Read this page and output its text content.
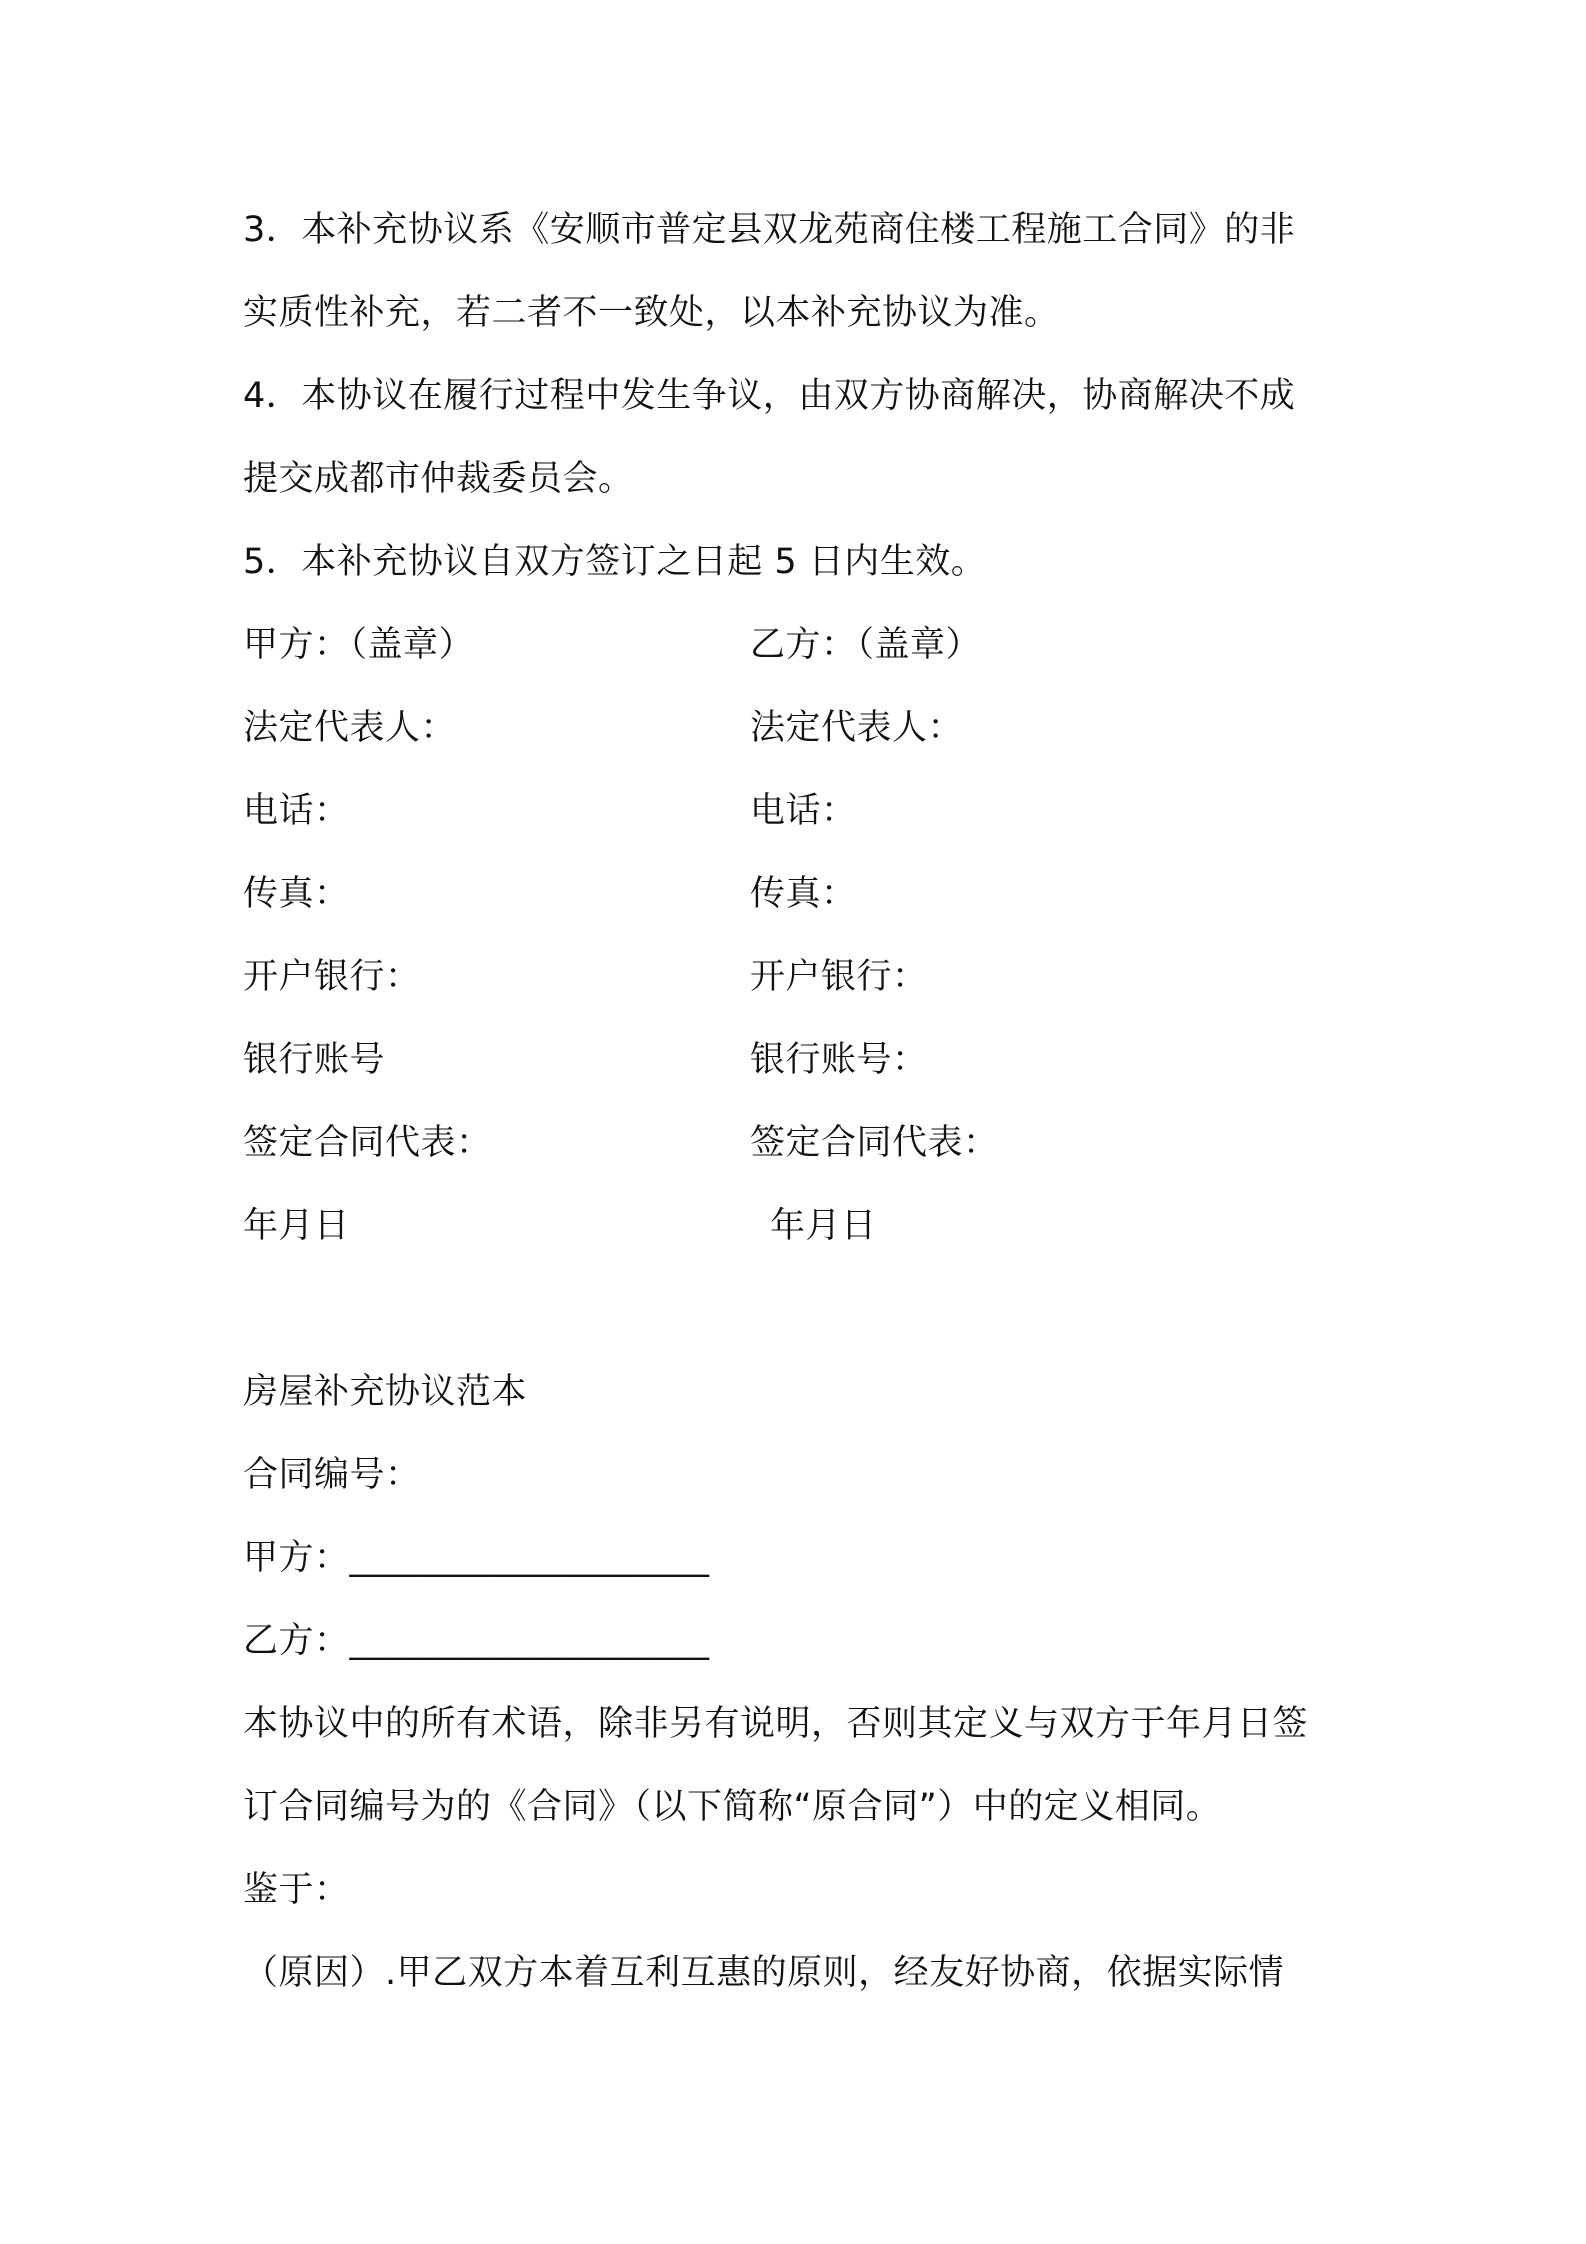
3．本补充协议系《安顺市普定县双龙苑商住楼工程施工合同》的非
实质性补充，若二者不一致处，以本补充协议为准。
4．本协议在履行过程中发生争议，由双方协商解决，协商解决不成
提交成都市仲裁委员会。
5．本补充协议自双方签订之日起 5 日内生效。
甲方：（盖章）
法定代表人：
电话：
传真：
开户银行：
银行账号
签定合同代表：
年月日
乙方：（盖章）
法定代表人：
电话：
传真：
开户银行：
银行账号：
签定合同代表：
年月日
房屋补充协议范本
合同编号：
甲方：____________________
乙方：____________________
本协议中的所有术语，除非另有说明，否则其定义与双方于年月日签
订合同编号为的《合同》（以下简称“原合同”）中的定义相同。
鉴于：
（原因）.甲乙双方本着互利互惠的原则，经友好协商，依据实际情
